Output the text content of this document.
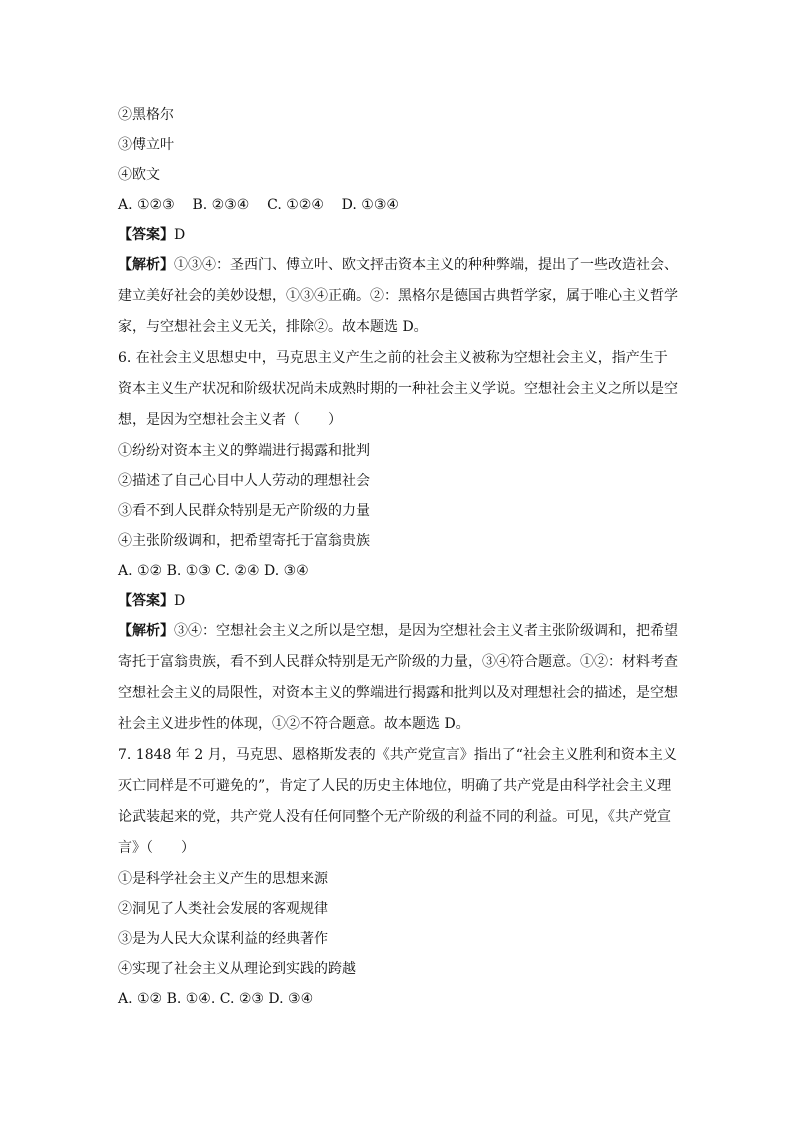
②黑格尔
③傅立叶
④欧文
A. ①②③    B. ②③④    C. ①②④    D. ①③④
【答案】D
【解析】①③④：圣西门、傅立叶、欧文抨击资本主义的种种弊端，提出了一些改造社会、建立美好社会的美妙设想，①③④正确。②：黑格尔是德国古典哲学家，属于唯心主义哲学家，与空想社会主义无关，排除②。故本题选 D。
6. 在社会主义思想史中，马克思主义产生之前的社会主义被称为空想社会主义，指产生于资本主义生产状况和阶级状况尚未成熟时期的一种社会主义学说。空想社会主义之所以是空想，是因为空想社会主义者（　　）
①纷纷对资本主义的弊端进行揭露和批判
②描述了自己心目中人人劳动的理想社会
③看不到人民群众特别是无产阶级的力量
④主张阶级调和，把希望寄托于富翁贵族
A. ①② B. ①③ C. ②④ D. ③④
【答案】D
【解析】③④：空想社会主义之所以是空想，是因为空想社会主义者主张阶级调和，把希望寄托于富翁贵族，看不到人民群众特别是无产阶级的力量，③④符合题意。①②：材料考查空想社会主义的局限性，对资本主义的弊端进行揭露和批判以及对理想社会的描述，是空想社会主义进步性的体现，①②不符合题意。故本题选 D。
7. 1848 年 2 月，马克思、恩格斯发表的《共产党宣言》指出了“社会主义胜利和资本主义灭亡同样是不可避免的”，肯定了人民的历史主体地位，明确了共产党是由科学社会主义理论武装起来的党，共产党人没有任何同整个无产阶级的利益不同的利益。可见，《共产党宣言》（　　）
①是科学社会主义产生的思想来源
②洞见了人类社会发展的客观规律
③是为人民大众谋利益的经典著作
④实现了社会主义从理论到实践的跨越
A. ①② B. ①④. C. ②③ D. ③④
